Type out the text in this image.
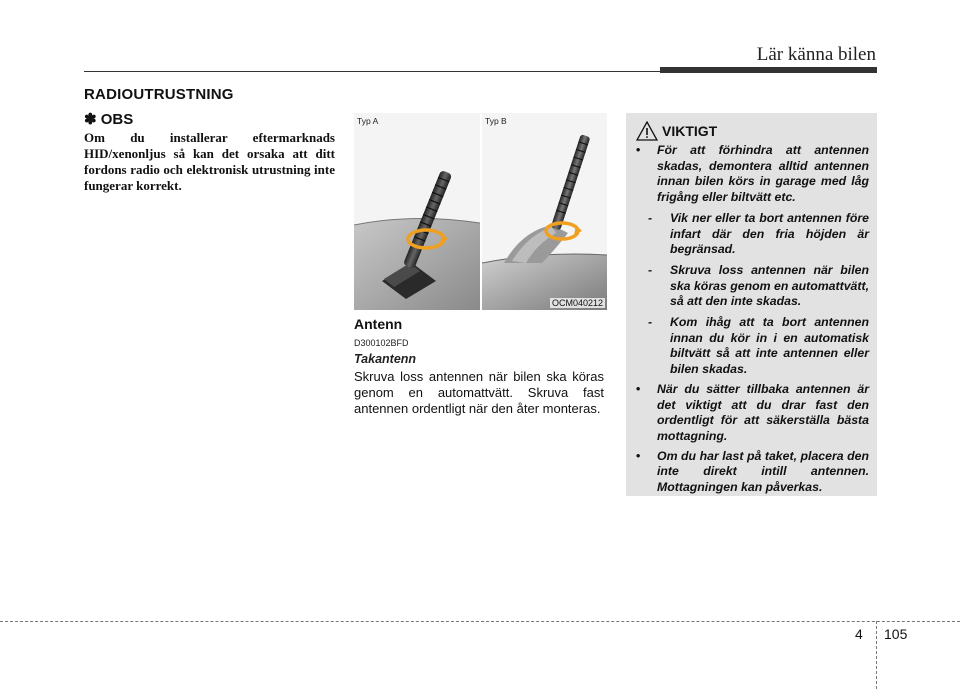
Lär känna bilen
RADIOUTRUSTNING
✽ OBS
Om du installerar eftermarknads HID/xenonljus så kan det orsaka att ditt fordons radio och elektronisk utrustning inte fungerar korrekt.
Typ A	Typ B
OCM040212
Antenn
D300102BFD
Takantenn
Skruva loss antennen när bilen ska köras genom en automattvätt. Skruva fast antennen ordentligt när den åter monteras.
VIKTIGT
• För att förhindra att antennen skadas, demontera alltid antennen innan bilen körs in garage med låg frigång eller biltvätt etc.
- Vik ner eller ta bort antennen före infart där den fria höjden är begränsad.
- Skruva loss antennen när bilen ska köras genom en automattvätt, så att den inte skadas.
- Kom ihåg att ta bort antennen innan du kör in i en automatisk biltvätt så att inte antennen eller bilen skadas.
• När du sätter tillbaka antennen är det viktigt att du drar fast den ordentligt för att säkerställa bästa mottagning.
• Om du har last på taket, placera den inte direkt intill antennen. Mottagningen kan påverkas.
4 105
